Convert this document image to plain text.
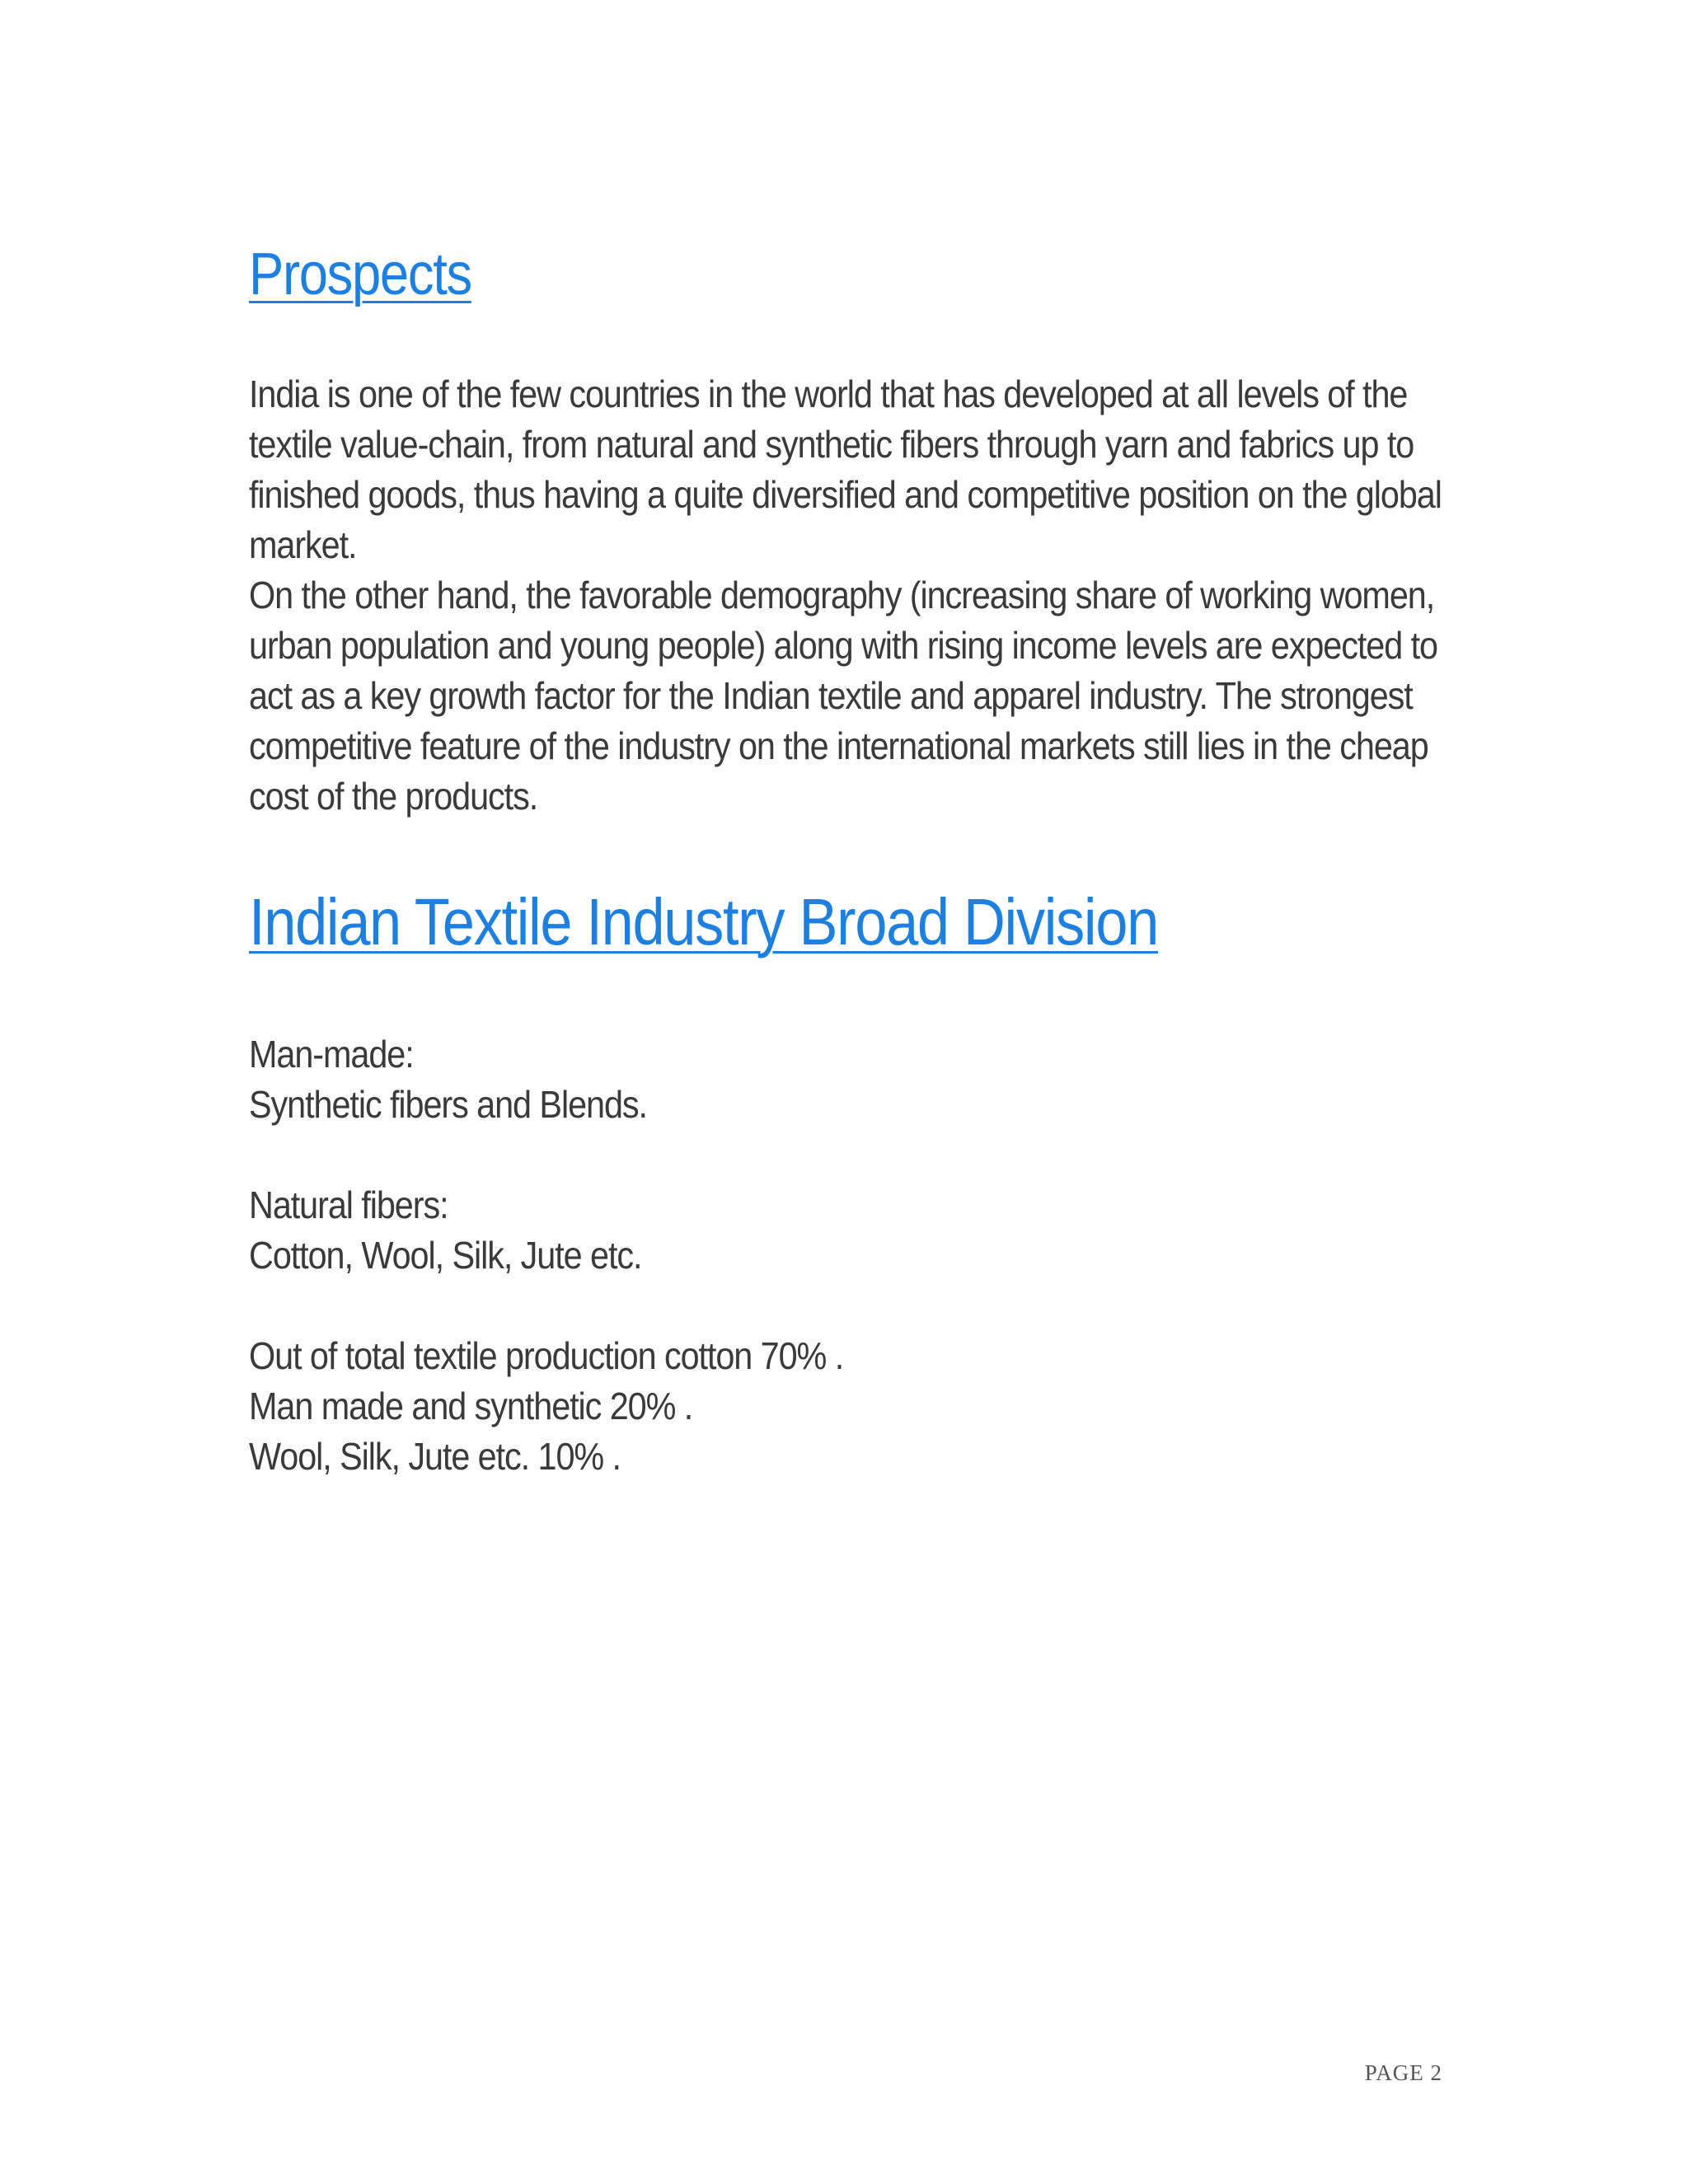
Prospects

India is one of the few countries in the world that has developed at all levels of the textile value-chain, from natural and synthetic fibers through yarn and fabrics up to finished goods, thus having a quite diversified and competitive position on the global market.

On the other hand, the favorable demography (increasing share of working women, urban population and young people) along with rising income levels are expected to act as a key growth factor for the Indian textile and apparel industry. The strongest competitive feature of the industry on the international markets still lies in the cheap cost of the products.

Indian Textile Industry Broad Division
Man-made:
Synthetic fibers and Blends.
Natural fibers:
Cotton, Wool, Silk, Jute etc.
Out of total textile production cotton 70% .
Man made and synthetic 20% .
Wool, Silk, Jute etc. 10% .
PAGE 2
